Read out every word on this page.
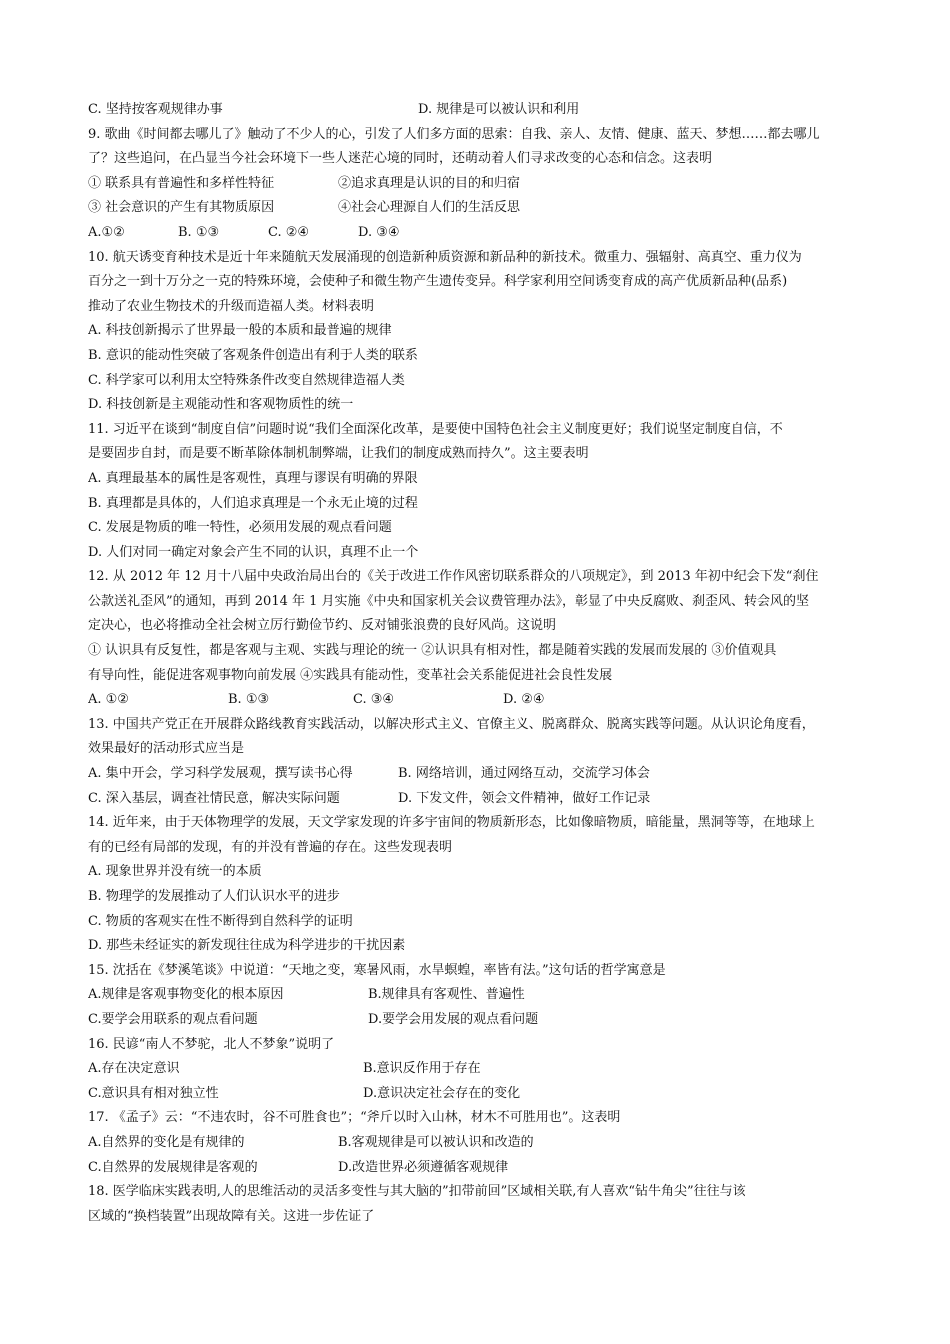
C. 坚持按客观规律办事	D. 规律是可以被认识和利用
9. 歌曲《时间都去哪儿了》触动了不少人的心，引发了人们多方面的思索：自我、亲人、友情、健康、蓝天、梦想……都去哪儿
了？这些追问，在凸显当今社会环境下一些人迷茫心境的同时，还萌动着人们寻求改变的心态和信念。这表明
① 联系具有普遍性和多样性特征	②追求真理是认识的目的和归宿
③ 社会意识的产生有其物质原因	④社会心理源自人们的生活反思
A.①②	B. ①③	C. ②④	D. ③④
10. 航天诱变育种技术是近十年来随航天发展涌现的创造新种质资源和新品种的新技术。微重力、强辐射、高真空、重力仪为
百分之一到十万分之一克的特殊环境，会使种子和微生物产生遗传变异。科学家利用空间诱变育成的高产优质新品种(品系)
推动了农业生物技术的升级而造福人类。材料表明
A. 科技创新揭示了世界最一般的本质和最普遍的规律
B. 意识的能动性突破了客观条件创造出有利于人类的联系
C. 科学家可以利用太空特殊条件改变自然规律造福人类
D. 科技创新是主观能动性和客观物质性的统一
11. 习近平在谈到“制度自信”问题时说“我们全面深化改革，是要使中国特色社会主义制度更好；我们说坚定制度自信，不
是要固步自封，而是要不断革除体制机制弊端，让我们的制度成熟而持久”。这主要表明
A. 真理最基本的属性是客观性，真理与谬误有明确的界限
B. 真理都是具体的，人们追求真理是一个永无止境的过程
C. 发展是物质的唯一特性，必须用发展的观点看问题
D. 人们对同一确定对象会产生不同的认识，真理不止一个
12. 从 2012 年 12 月十八届中央政治局出台的《关于改进工作作风密切联系群众的八项规定》，到 2013 年初中纪会下发“刹住
公款送礼歪风”的通知，再到 2014 年 1 月实施《中央和国家机关会议费管理办法》，彰显了中央反腐败、刹歪风、转会风的坚
定决心，也必将推动全社会树立厉行勤俭节约、反对铺张浪费的良好风尚。这说明
① 认识具有反复性，都是客观与主观、实践与理论的统一 ②认识具有相对性，都是随着实践的发展而发展的 ③价值观具
有导向性，能促进客观事物向前发展 ④实践具有能动性，变革社会关系能促进社会良性发展
A. ①②	B. ①③	C. ③④	D. ②④
13. 中国共产党正在开展群众路线教育实践活动，以解决形式主义、官僚主义、脱离群众、脱离实践等问题。从认识论角度看，
效果最好的活动形式应当是
A. 集中开会，学习科学发展观，撰写读书心得	B. 网络培训，通过网络互动，交流学习体会
C. 深入基层，调查社情民意，解决实际问题	D. 下发文件，领会文件精神，做好工作记录
14. 近年来，由于天体物理学的发展，天文学家发现的许多宇宙间的物质新形态，比如像暗物质，暗能量，黑洞等等，在地球上
有的已经有局部的发现，有的并没有普遍的存在。这些发现表明
A. 现象世界并没有统一的本质
B. 物理学的发展推动了人们认识水平的进步
C. 物质的客观实在性不断得到自然科学的证明
D. 那些未经证实的新发现往往成为科学进步的干扰因素
15. 沈括在《梦溪笔谈》中说道：“天地之变，寒暑风雨，水旱螟蝗，率皆有法。”这句话的哲学寓意是
A.规律是客观事物变化的根本原因	B.规律具有客观性、普遍性
C.要学会用联系的观点看问题	D.要学会用发展的观点看问题
16. 民谚“南人不梦驼，北人不梦象”说明了
A.存在决定意识	B.意识反作用于存在
C.意识具有相对独立性	D.意识决定社会存在的变化
17. 《孟子》云：“不违农时，谷不可胜食也”；“斧斤以时入山林，材木不可胜用也”。这表明
A.自然界的变化是有规律的	B.客观规律是可以被认识和改造的
C.自然界的发展规律是客观的	D.改造世界必须遵循客观规律
18. 医学临床实践表明,人的思维活动的灵活多变性与其大脑的”扣带前回”区域相关联,有人喜欢“钻牛角尖”往往与该
区域的“换档装置”出现故障有关。这进一步佐证了
